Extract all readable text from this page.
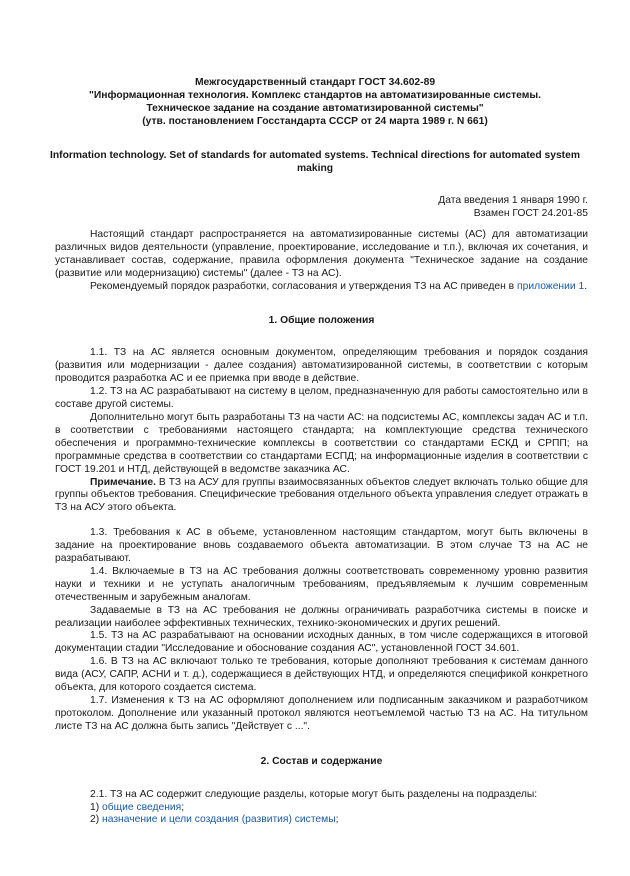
Межгосударственный стандарт ГОСТ 34.602-89
"Информационная технология. Комплекс стандартов на автоматизированные системы.
Техническое задание на создание автоматизированной системы"
(утв. постановлением Госстандарта СССР от 24 марта 1989 г. N 661)
Information technology. Set of standards for automated systems. Technical directions for automated system making
Дата введения 1 января 1990 г.
Взамен ГОСТ 24.201-85

Настоящий стандарт распространяется на автоматизированные системы (АС) для автоматизации различных видов деятельности (управление, проектирование, исследование и т.п.), включая их сочетания, и устанавливает состав, содержание, правила оформления документа "Техническое задание на создание (развитие или модернизацию) системы" (далее - ТЗ на АС).

Рекомендуемый порядок разработки, согласования и утверждения ТЗ на АС приведен в приложении 1.

1. Общие положения

1.1. ТЗ на АС является основным документом, определяющим требования и порядок создания (развития или модернизации - далее создания) автоматизированной системы, в соответствии с которым проводится разработка АС и ее приемка при вводе в действие.

1.2. ТЗ на АС разрабатывают на систему в целом, предназначенную для работы самостоятельно или в составе другой системы.

Дополнительно могут быть разработаны ТЗ на части АС: на подсистемы АС, комплексы задач АС и т.п. в соответствии с требованиями настоящего стандарта; на комплектующие средства технического обеспечения и программно-технические комплексы в соответствии со стандартами ЕСКД и СРПП; на программные средства в соответствии со стандартами ЕСПД; на информационные изделия в соответствии с ГОСТ 19.201 и НТД, действующей в ведомстве заказчика АС.

Примечание. В ТЗ на АСУ для группы взаимосвязанных объектов следует включать только общие для группы объектов требования. Специфические требования отдельного объекта управления следует отражать в ТЗ на АСУ этого объекта.

1.3. Требования к АС в объеме, установленном настоящим стандартом, могут быть включены в задание на проектирование вновь создаваемого объекта автоматизации. В этом случае ТЗ на АС не разрабатывают.

1.4. Включаемые в ТЗ на АС требования должны соответствовать современному уровню развития науки и техники и не уступать аналогичным требованиям, предъявляемым к лучшим современным отечественным и зарубежным аналогам.

Задаваемые в ТЗ на АС требования не должны ограничивать разработчика системы в поиске и реализации наиболее эффективных технических, технико-экономических и других решений.

1.5. ТЗ на АС разрабатывают на основании исходных данных, в том числе содержащихся в итоговой документации стадии "Исследование и обоснование создания АС", установленной ГОСТ 34.601.

1.6. В ТЗ на АС включают только те требования, которые дополняют требования к системам данного вида (АСУ, САПР, АСНИ и т. д.), содержащиеся в действующих НТД, и определяются спецификой конкретного объекта, для которого создается система.

1.7. Изменения к ТЗ на АС оформляют дополнением или подписанным заказчиком и разработчиком протоколом. Дополнение или указанный протокол являются неотъемлемой частью ТЗ на АС. На титульном листе ТЗ на АС должна быть запись "Действует с ...".

2. Состав и содержание

2.1. ТЗ на АС содержит следующие разделы, которые могут быть разделены на подразделы:

1) общие сведения;

2) назначение и цели создания (развития) системы;
